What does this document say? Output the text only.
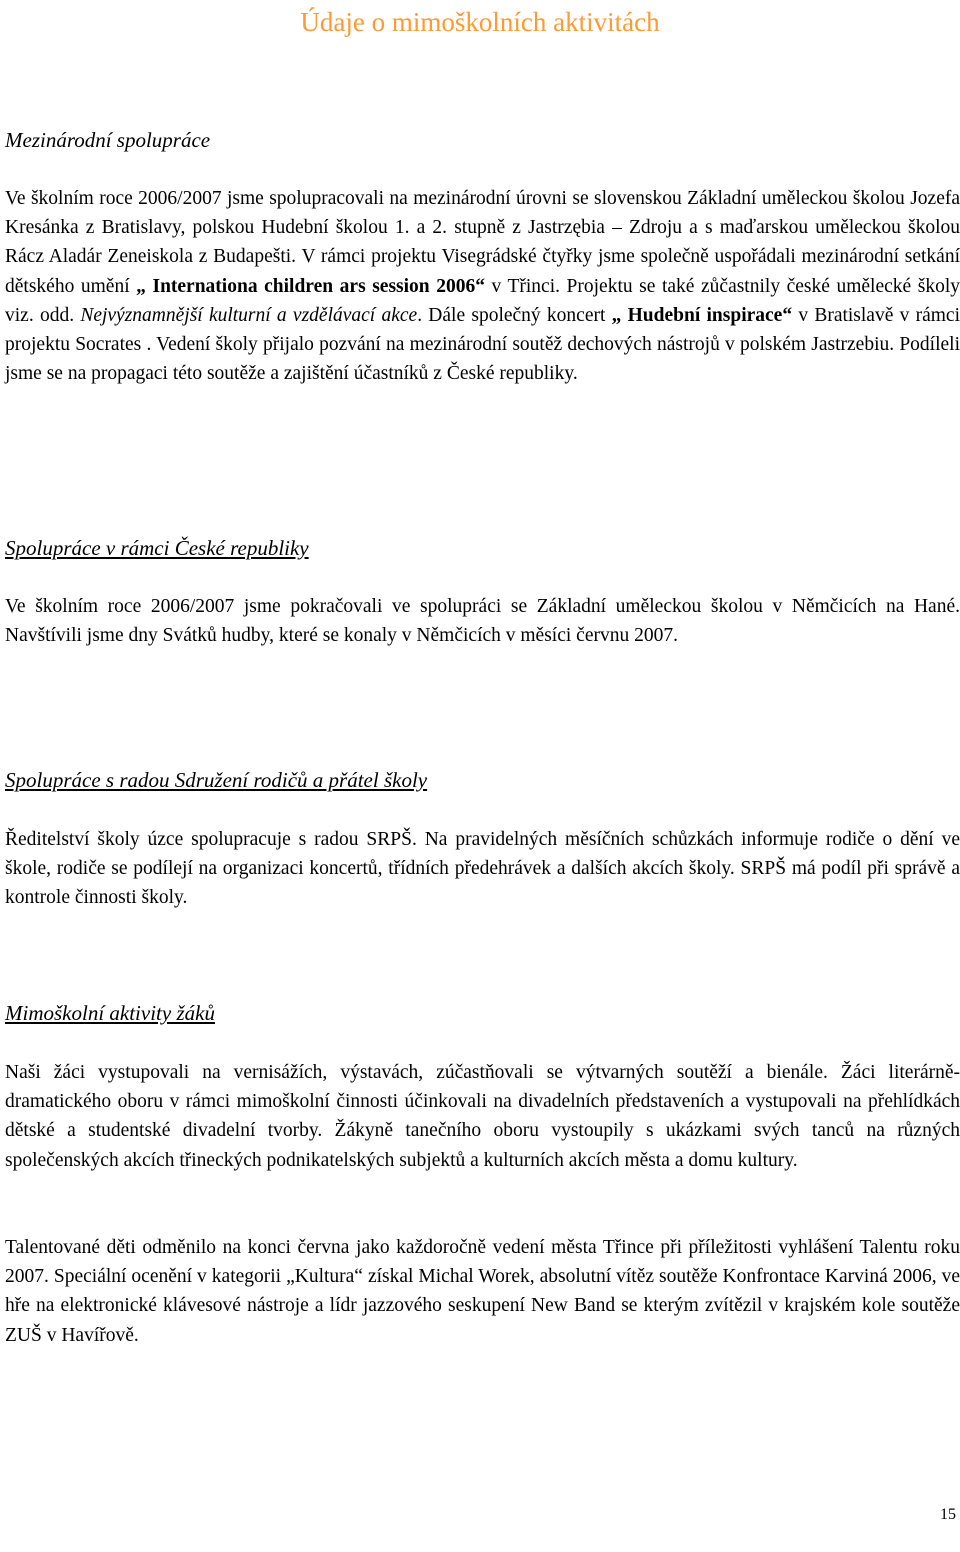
Údaje o mimoškolních aktivitách
Mezinárodní spolupráce

Ve školním roce 2006/2007 jsme spolupracovali na mezinárodní úrovni se slovenskou Základní uměleckou školou Jozefa Kresánka z Bratislavy, polskou Hudební školou 1. a 2. stupně z Jastrzębia – Zdroju a s maďarskou uměleckou školou Rácz Aladár Zeneiskola z Budapešti. V rámci projektu Visegrádské čtyřky jsme společně uspořádali mezinárodní setkání dětského umění „ Internationa children ars session 2006“ v Třinci. Projektu se také zůčastnily české umělecké školy viz. odd. Nejvýznamnější kulturní a vzdělávací akce. Dále společný koncert „ Hudební inspirace“ v Bratislavě v rámci projektu Socrates . Vedení školy přijalo pozvání na mezinárodní soutěž dechových nástrojů v polském Jastrzebiu. Podíleli jsme se na propagaci této soutěže a zajištění účastníků z České republiky.

Spolupráce v rámci České republiky

Ve školním roce 2006/2007 jsme pokračovali ve spolupráci se Základní uměleckou školou v Němčicích na Hané. Navštívili jsme dny Svátků hudby, které se konaly v Němčicích v měsíci červnu 2007.

Spolupráce s radou Sdružení rodičů a přátel školy

Ředitelství školy úzce spolupracuje s radou SRPŠ. Na pravidelných měsíčních schůzkách informuje rodiče o dění ve škole, rodiče se podílejí na organizaci koncertů, třídních předehrávek a dalších akcích školy. SRPŠ má podíl při správě a kontrole činnosti školy.

Mimoškolní aktivity žáků

Naši žáci vystupovali na vernisážích, výstavách, zúčastňovali se výtvarných soutěží a bienále. Žáci literárně-dramatického oboru v rámci mimoškolní činnosti účinkovali na divadelních představeních a vystupovali na přehlídkách dětské a studentské divadelní tvorby. Žákyně tanečního oboru vystoupily s ukázkami svých tanců na různých společenských akcích třineckých podnikatelských subjektů a kulturních akcích města a domu kultury.

Talentované děti odměnilo na konci června jako každoročně vedení města Třince při příležitosti vyhlášení Talentu roku 2007. Speciální ocenění v kategorii „Kultura“ získal Michal Worek, absolutní vítěz soutěže Konfrontace Karviná 2006, ve hře na elektronické klávesové nástroje a lídr jazzového seskupení New Band se kterým zvítězil v krajském kole soutěže ZUŠ v Havířově.

15
